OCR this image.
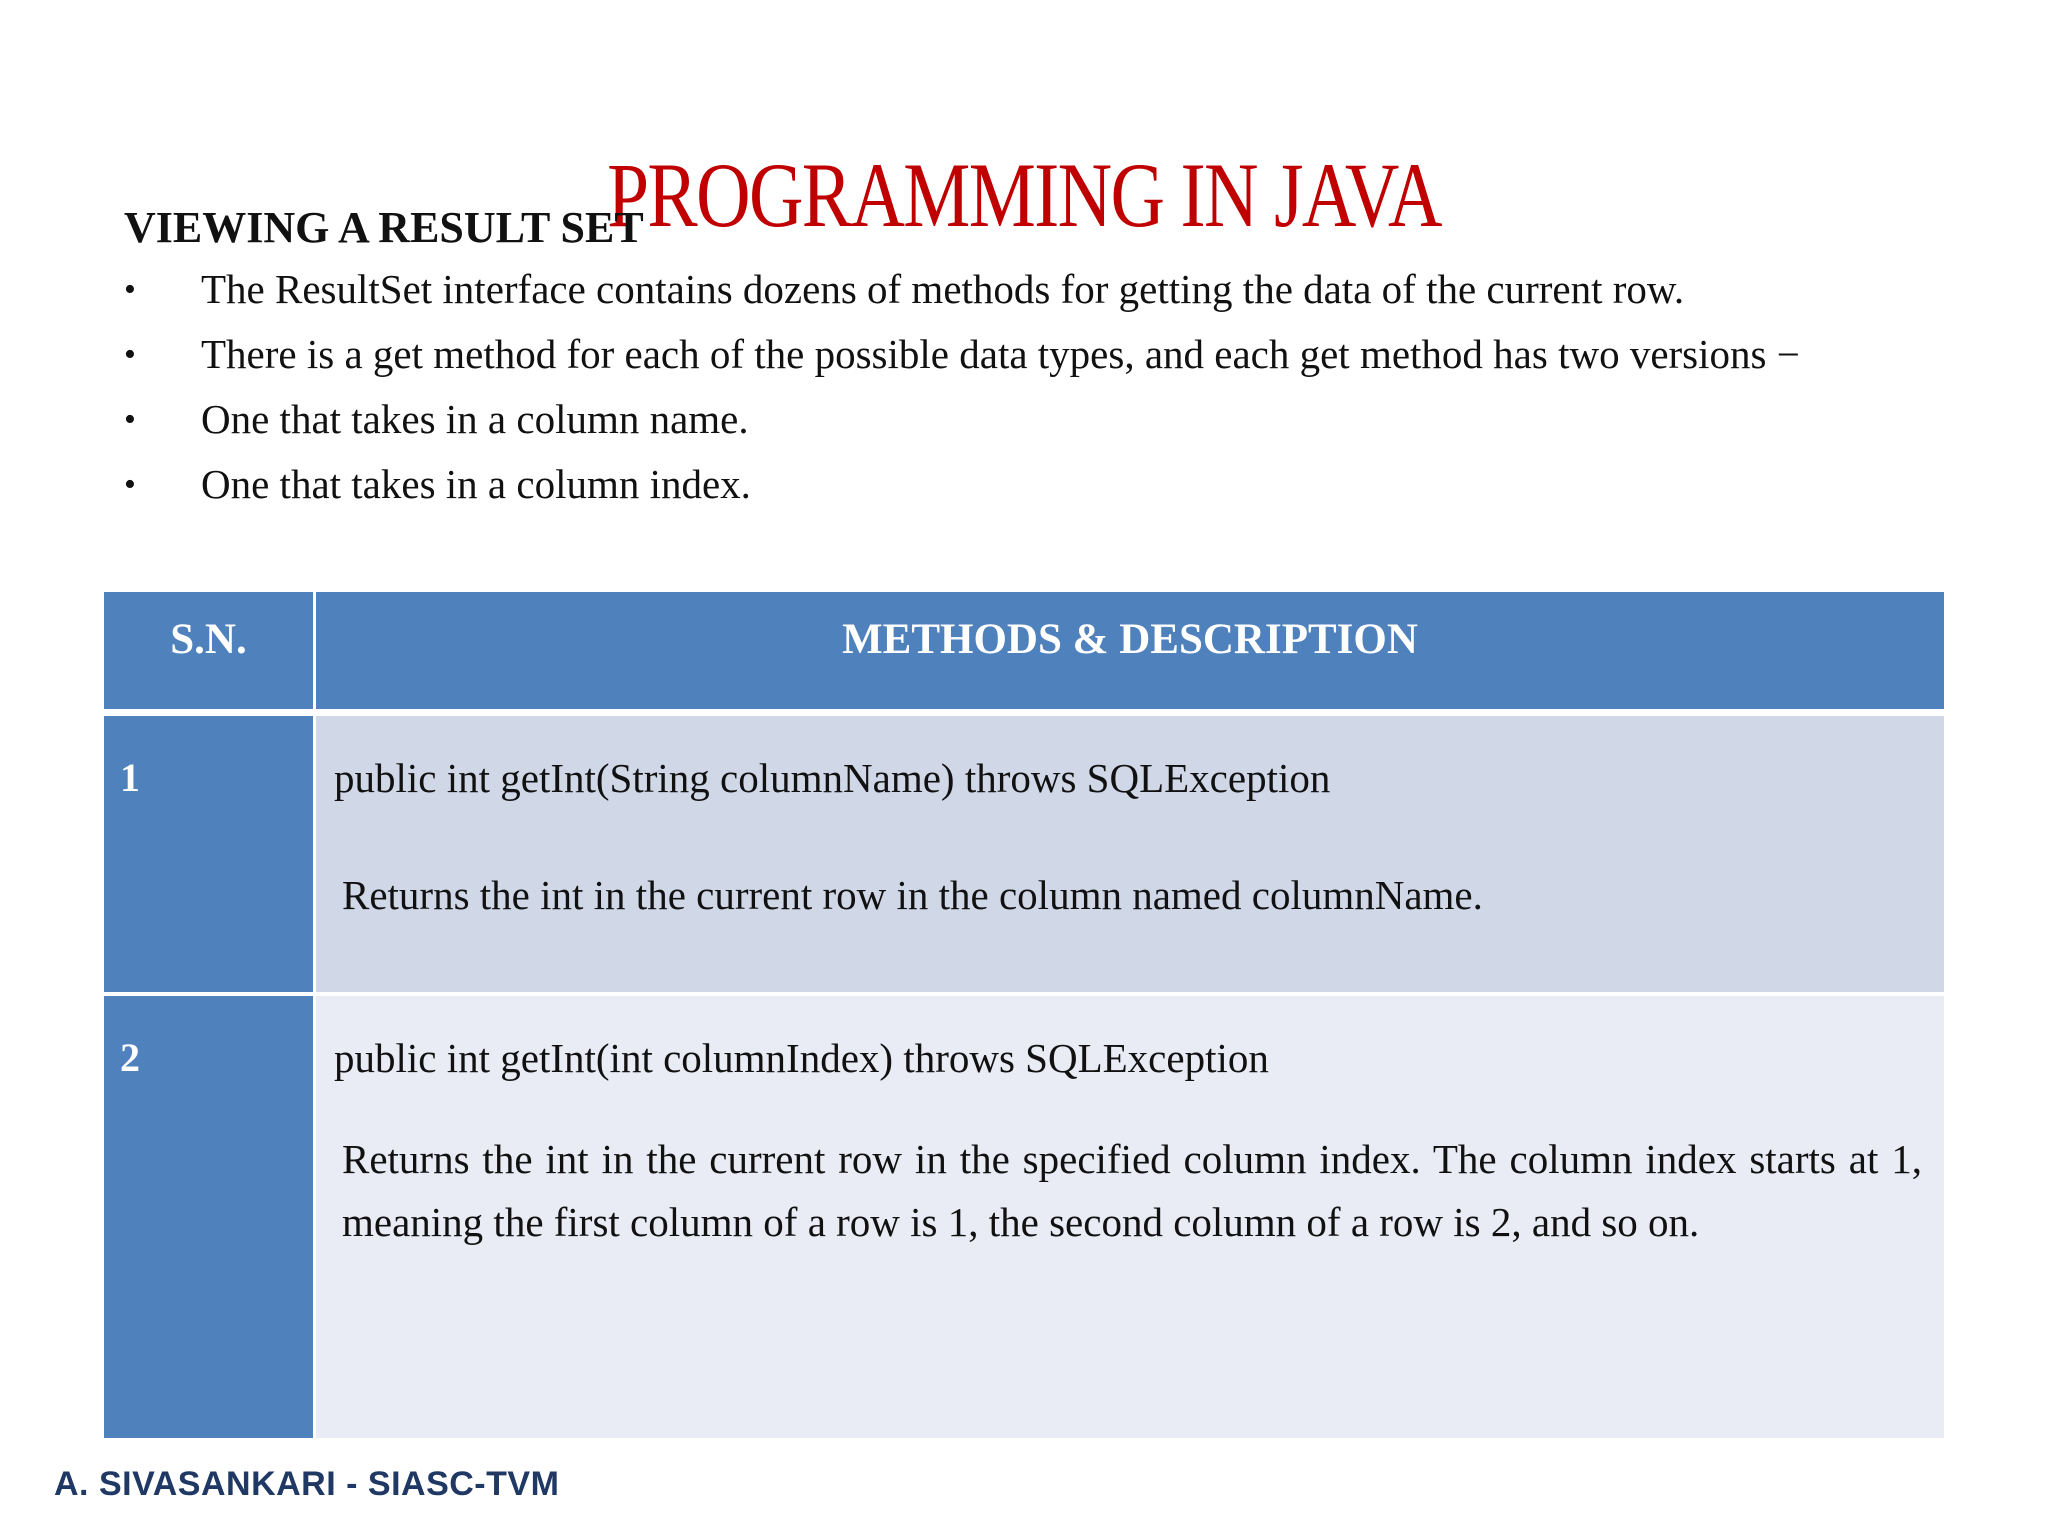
PROGRAMMING IN JAVA
VIEWING A RESULT SET
•	The ResultSet interface contains dozens of methods for getting the data of the current row.
•	There is a get method for each of the possible data types, and each get method has two versions −
•	One that takes in a column name.
•	One that takes in a column index.
S.N.	METHODS & DESCRIPTION
1	public int getInt(String columnName) throws SQLException
Returns the int in the current row in the column named columnName.
2	public int getInt(int columnIndex) throws SQLException
Returns the int in the current row in the specified column index. The column index starts at 1, meaning the first column of a row is 1, the second column of a row is 2, and so on.
A. SIVASANKARI - SIASC-TVM
